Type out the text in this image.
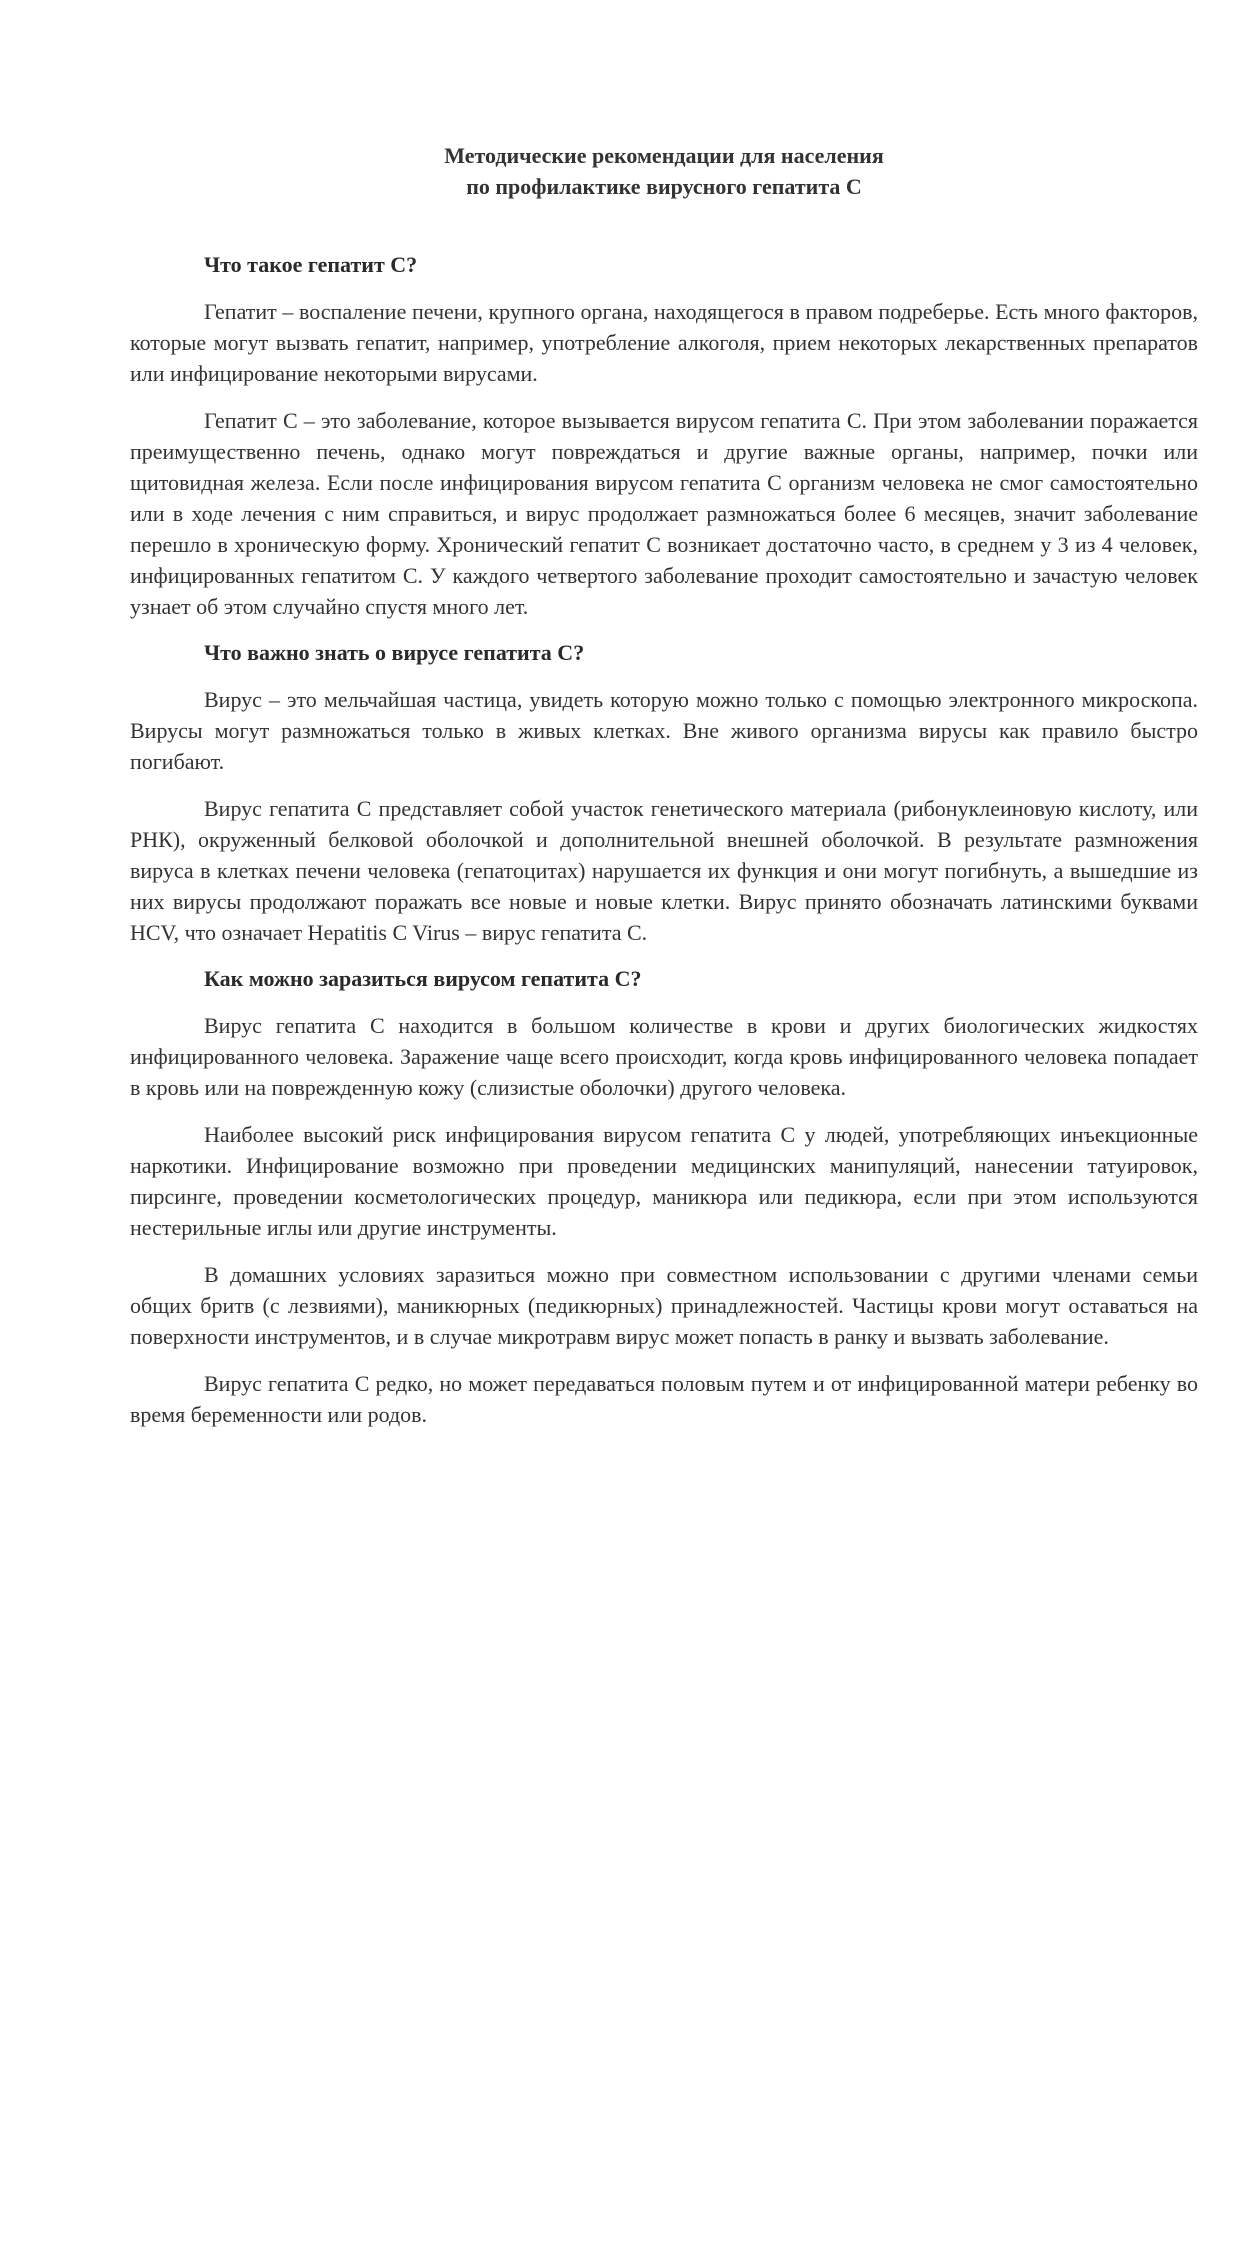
Методические рекомендации для населения
по профилактике вирусного гепатита С
Что такое гепатит С?

Гепатит – воспаление печени, крупного органа, находящегося в правом подреберье. Есть много факторов, которые могут вызвать гепатит, например, употребление алкоголя, прием некоторых лекарственных препаратов или инфицирование некоторыми вирусами.

Гепатит С – это заболевание, которое вызывается вирусом гепатита С. При этом заболевании поражается преимущественно печень, однако могут повреждаться и другие важные органы, например, почки или щитовидная железа. Если после инфицирования вирусом гепатита С организм человека не смог самостоятельно или в ходе лечения с ним справиться, и вирус продолжает размножаться более 6 месяцев, значит заболевание перешло в хроническую форму. Хронический гепатит С возникает достаточно часто, в среднем у 3 из 4 человек, инфицированных гепатитом С. У каждого четвертого заболевание проходит самостоятельно и зачастую человек узнает об этом случайно спустя много лет.

Что важно знать о вирусе гепатита С?

Вирус – это мельчайшая частица, увидеть которую можно только с помощью электронного микроскопа. Вирусы могут размножаться только в живых клетках. Вне живого организма вирусы как правило быстро погибают.

Вирус гепатита С представляет собой участок генетического материала (рибонуклеиновую кислоту, или РНК), окруженный белковой оболочкой и дополнительной внешней оболочкой. В результате размножения вируса в клетках печени человека (гепатоцитах) нарушается их функция и они могут погибнуть, а вышедшие из них вирусы продолжают поражать все новые и новые клетки. Вирус принято обозначать латинскими буквами HCV, что означает Hepatitis C Virus – вирус гепатита С.

Как можно заразиться вирусом гепатита С?

Вирус гепатита С находится в большом количестве в крови и других биологических жидкостях инфицированного человека. Заражение чаще всего происходит, когда кровь инфицированного человека попадает в кровь или на поврежденную кожу (слизистые оболочки) другого человека.

Наиболее высокий риск инфицирования вирусом гепатита С у людей, употребляющих инъекционные наркотики. Инфицирование возможно при проведении медицинских манипуляций, нанесении татуировок, пирсинге, проведении косметологических процедур, маникюра или педикюра, если при этом используются нестерильные иглы или другие инструменты.

В домашних условиях заразиться можно при совместном использовании с другими членами семьи общих бритв (с лезвиями), маникюрных (педикюрных) принадлежностей. Частицы крови могут оставаться на поверхности инструментов, и в случае микротравм вирус может попасть в ранку и вызвать заболевание.

Вирус гепатита С редко, но может передаваться половым путем и от инфицированной матери ребенку во время беременности или родов.
